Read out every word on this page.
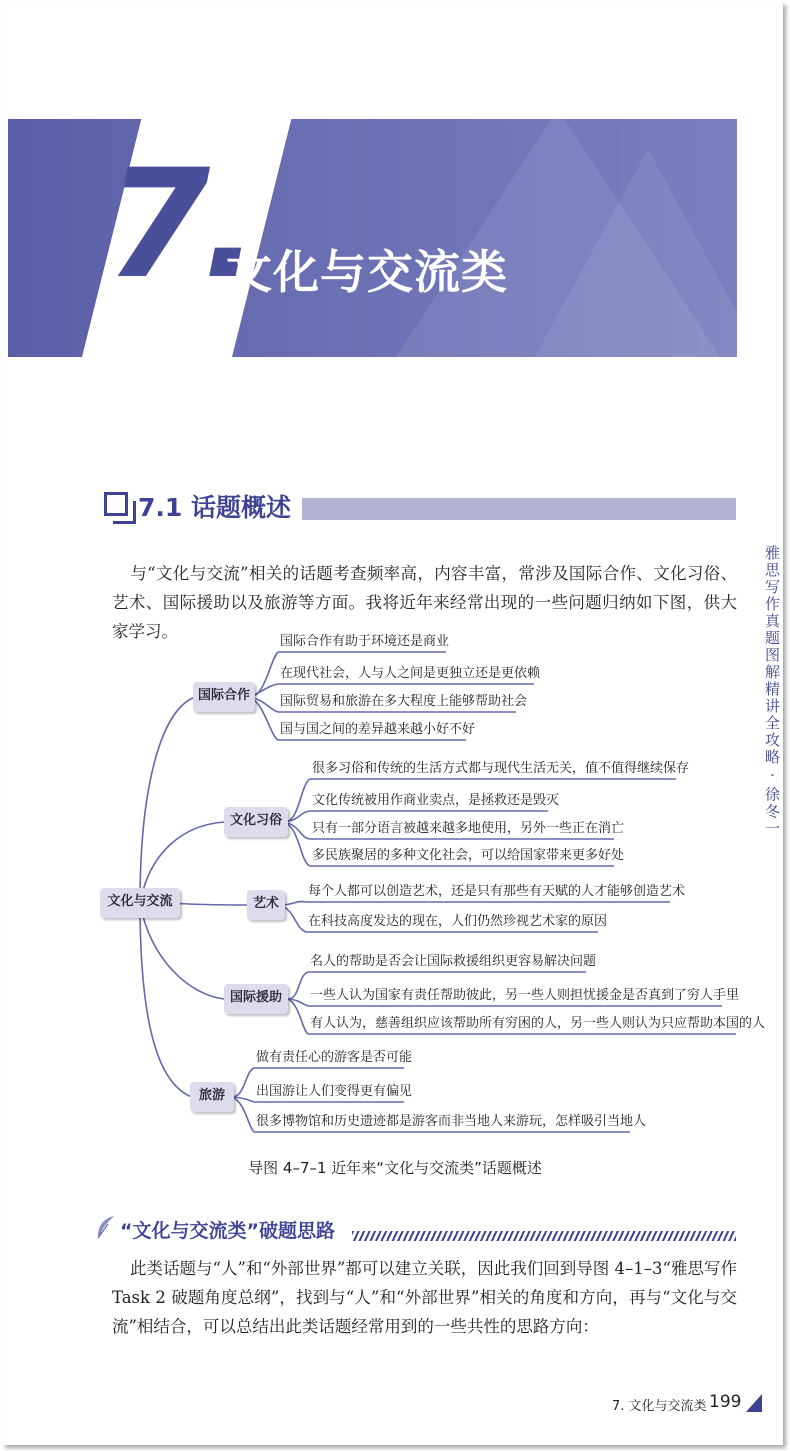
7.
文化与交流类
7.1 话题概述
雅思写作真题图解精讲全攻略 · 徐冬一
与“文化与交流”相关的话题考查频率高，内容丰富，常涉及国际合作、文化习俗、艺术、国际援助以及旅游等方面。我将近年来经常出现的一些问题归纳如下图，供大家学习。
文化与交流
国际合作
文化习俗
艺术
国际援助
旅游
国际合作有助于环境还是商业
在现代社会，人与人之间是更独立还是更依赖
国际贸易和旅游在多大程度上能够帮助社会
国与国之间的差异越来越小好不好
很多习俗和传统的生活方式都与现代生活无关，值不值得继续保存
文化传统被用作商业卖点，是拯救还是毁灭
只有一部分语言被越来越多地使用，另外一些正在消亡
多民族聚居的多种文化社会，可以给国家带来更多好处
每个人都可以创造艺术，还是只有那些有天赋的人才能够创造艺术
在科技高度发达的现在，人们仍然珍视艺术家的原因
名人的帮助是否会让国际救援组织更容易解决问题
一些人认为国家有责任帮助彼此，另一些人则担忧援金是否真到了穷人手里
有人认为，慈善组织应该帮助所有穷困的人，另一些人则认为只应帮助本国的人
做有责任心的游客是否可能
出国游让人们变得更有偏见
很多博物馆和历史遗迹都是游客而非当地人来游玩，怎样吸引当地人
导图 4–7–1 近年来“文化与交流类”话题概述
“文化与交流类”破题思路
此类话题与“人”和“外部世界”都可以建立关联，因此我们回到导图 4–1–3“雅思写作 Task 2 破题角度总纲”，找到与“人”和“外部世界”相关的角度和方向，再与“文化与交流”相结合，可以总结出此类话题经常用到的一些共性的思路方向：
7. 文化与交流类 199
